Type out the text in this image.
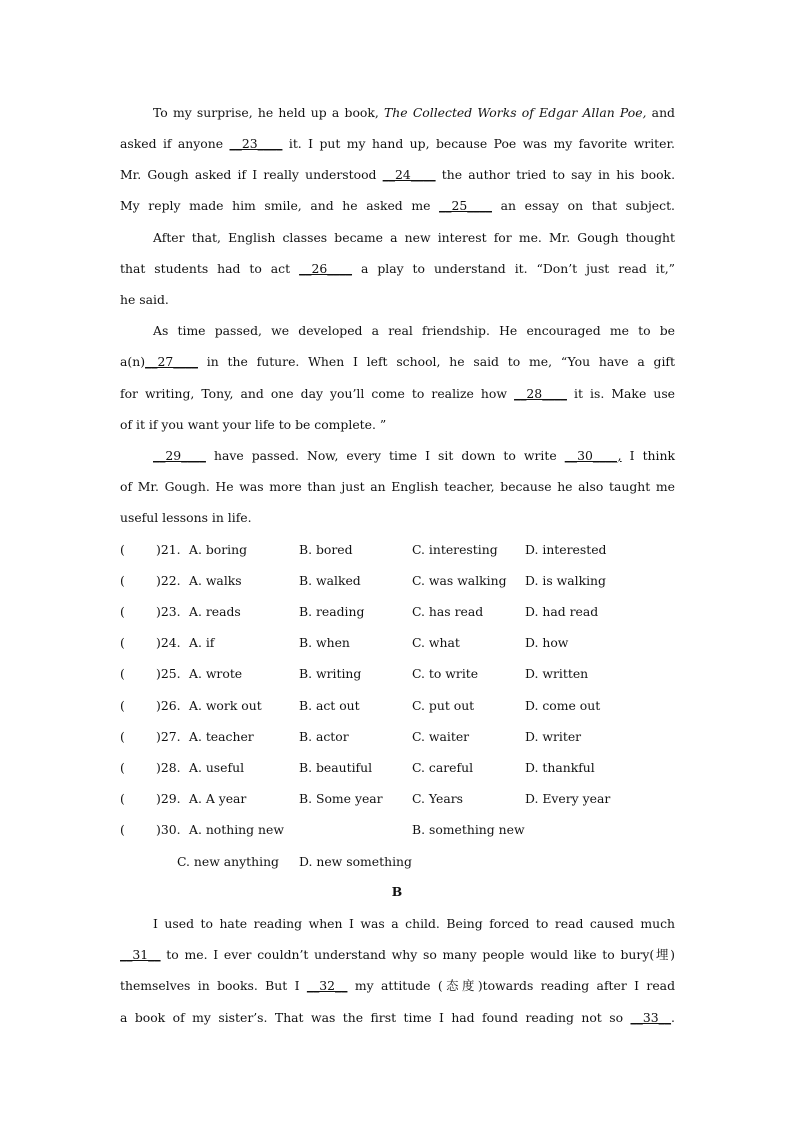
To my surprise, he held up a book, The Collected Works of Edgar Allan Poe, and
asked if anyone __23____ it. I put my hand up, because Poe was my favorite writer.
Mr. Gough asked if I really understood __24____ the author tried to say in his book.
My reply made him smile, and he asked me __25____ an essay on that subject.
After that, English classes became a new interest for me. Mr. Gough thought
that students had to act __26____ a play to understand it. “Don’t just read it,”
he said.
As time passed, we developed a real friendship. He encouraged me to be
a(n)__27____ in the future. When I left school, he said to me, “You have a gift
for writing, Tony, and one day you’ll come to realize how __28____ it is. Make use
of it if you want your life to be complete. ”
__29____ have passed. Now, every time I sit down to write __30____, I think
of Mr. Gough. He was more than just an English teacher, because he also taught me
useful lessons in life.
(	)21. A. boring	B. bored	C. interesting D. interested
(	)22. A. walks	B. walked	C. was walking D. is walking
(	)23. A. reads	B. reading	C. has read	D. had read
(	)24. A. if	B. when	C. what	D. how
(	)25. A. wrote	B. writing	C. to write	D. written
(	)26. A. work out	B. act out	C. put out	D. come out
(	)27. A. teacher	B. actor	C. waiter	D. writer
(	)28. A. useful	B. beautiful	C. careful	D. thankful
(	)29. A. A year	B. Some year C. Years	D. Every year
(	)30. A. nothing new	B. something new
C. new anything D. new something
B
I used to hate reading when I was a child. Being forced to read caused much
__31__ to me. I ever couldn’t understand why so many people would like to bury(埋)
themselves in books. But I __32__ my attitude (态度)towards reading after I read
a book of my sister’s. That was the first time I had found reading not so __33__.
